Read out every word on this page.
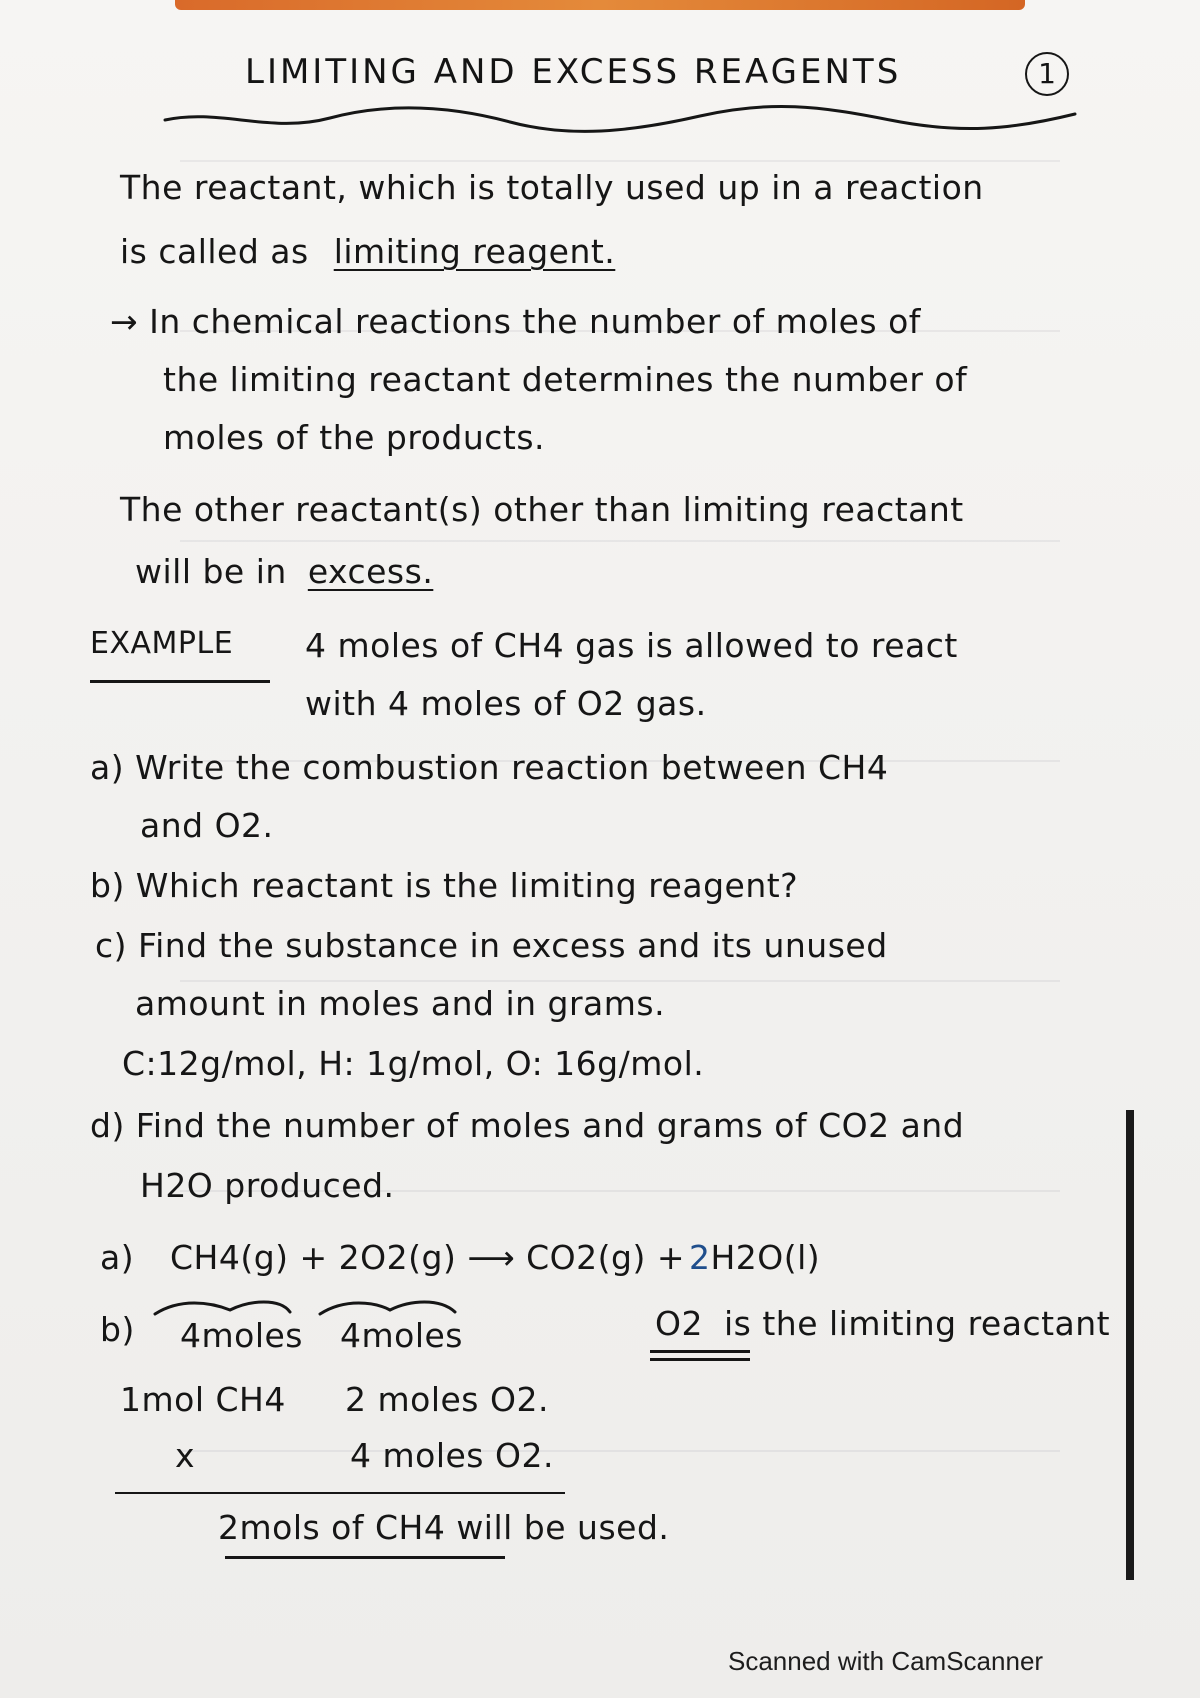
LIMITING AND EXCESS REAGENTS	1
The reactant, which is totally used up in a reaction
is called as limiting reagent.
→ In chemical reactions the number of moles of
the limiting reactant determines the number of
moles of the products.
The other reactant(s) other than limiting reactant
will be in excess.
EXAMPLE 4 moles of CH4 gas is allowed to react
with 4 moles of O2 gas.
a) Write the combustion reaction between CH4
and O2.
b) Which reactant is the limiting reagent?
c) Find the substance in excess and its unused
amount in moles and in grams.
C:12g/mol, H: 1g/mol, O: 16g/mol.
d) Find the number of moles and grams of CO2 and
H2O produced.
a) CH4(g) + 2O2(g) ⟶ CO2(g) + 2H2O(l)
b) 4moles 4moles	O2 is the limiting reactant
1mol CH4 2 moles O2.
x	4 moles O2.
2mols of CH4 will be used.
Scanned with CamScanner
